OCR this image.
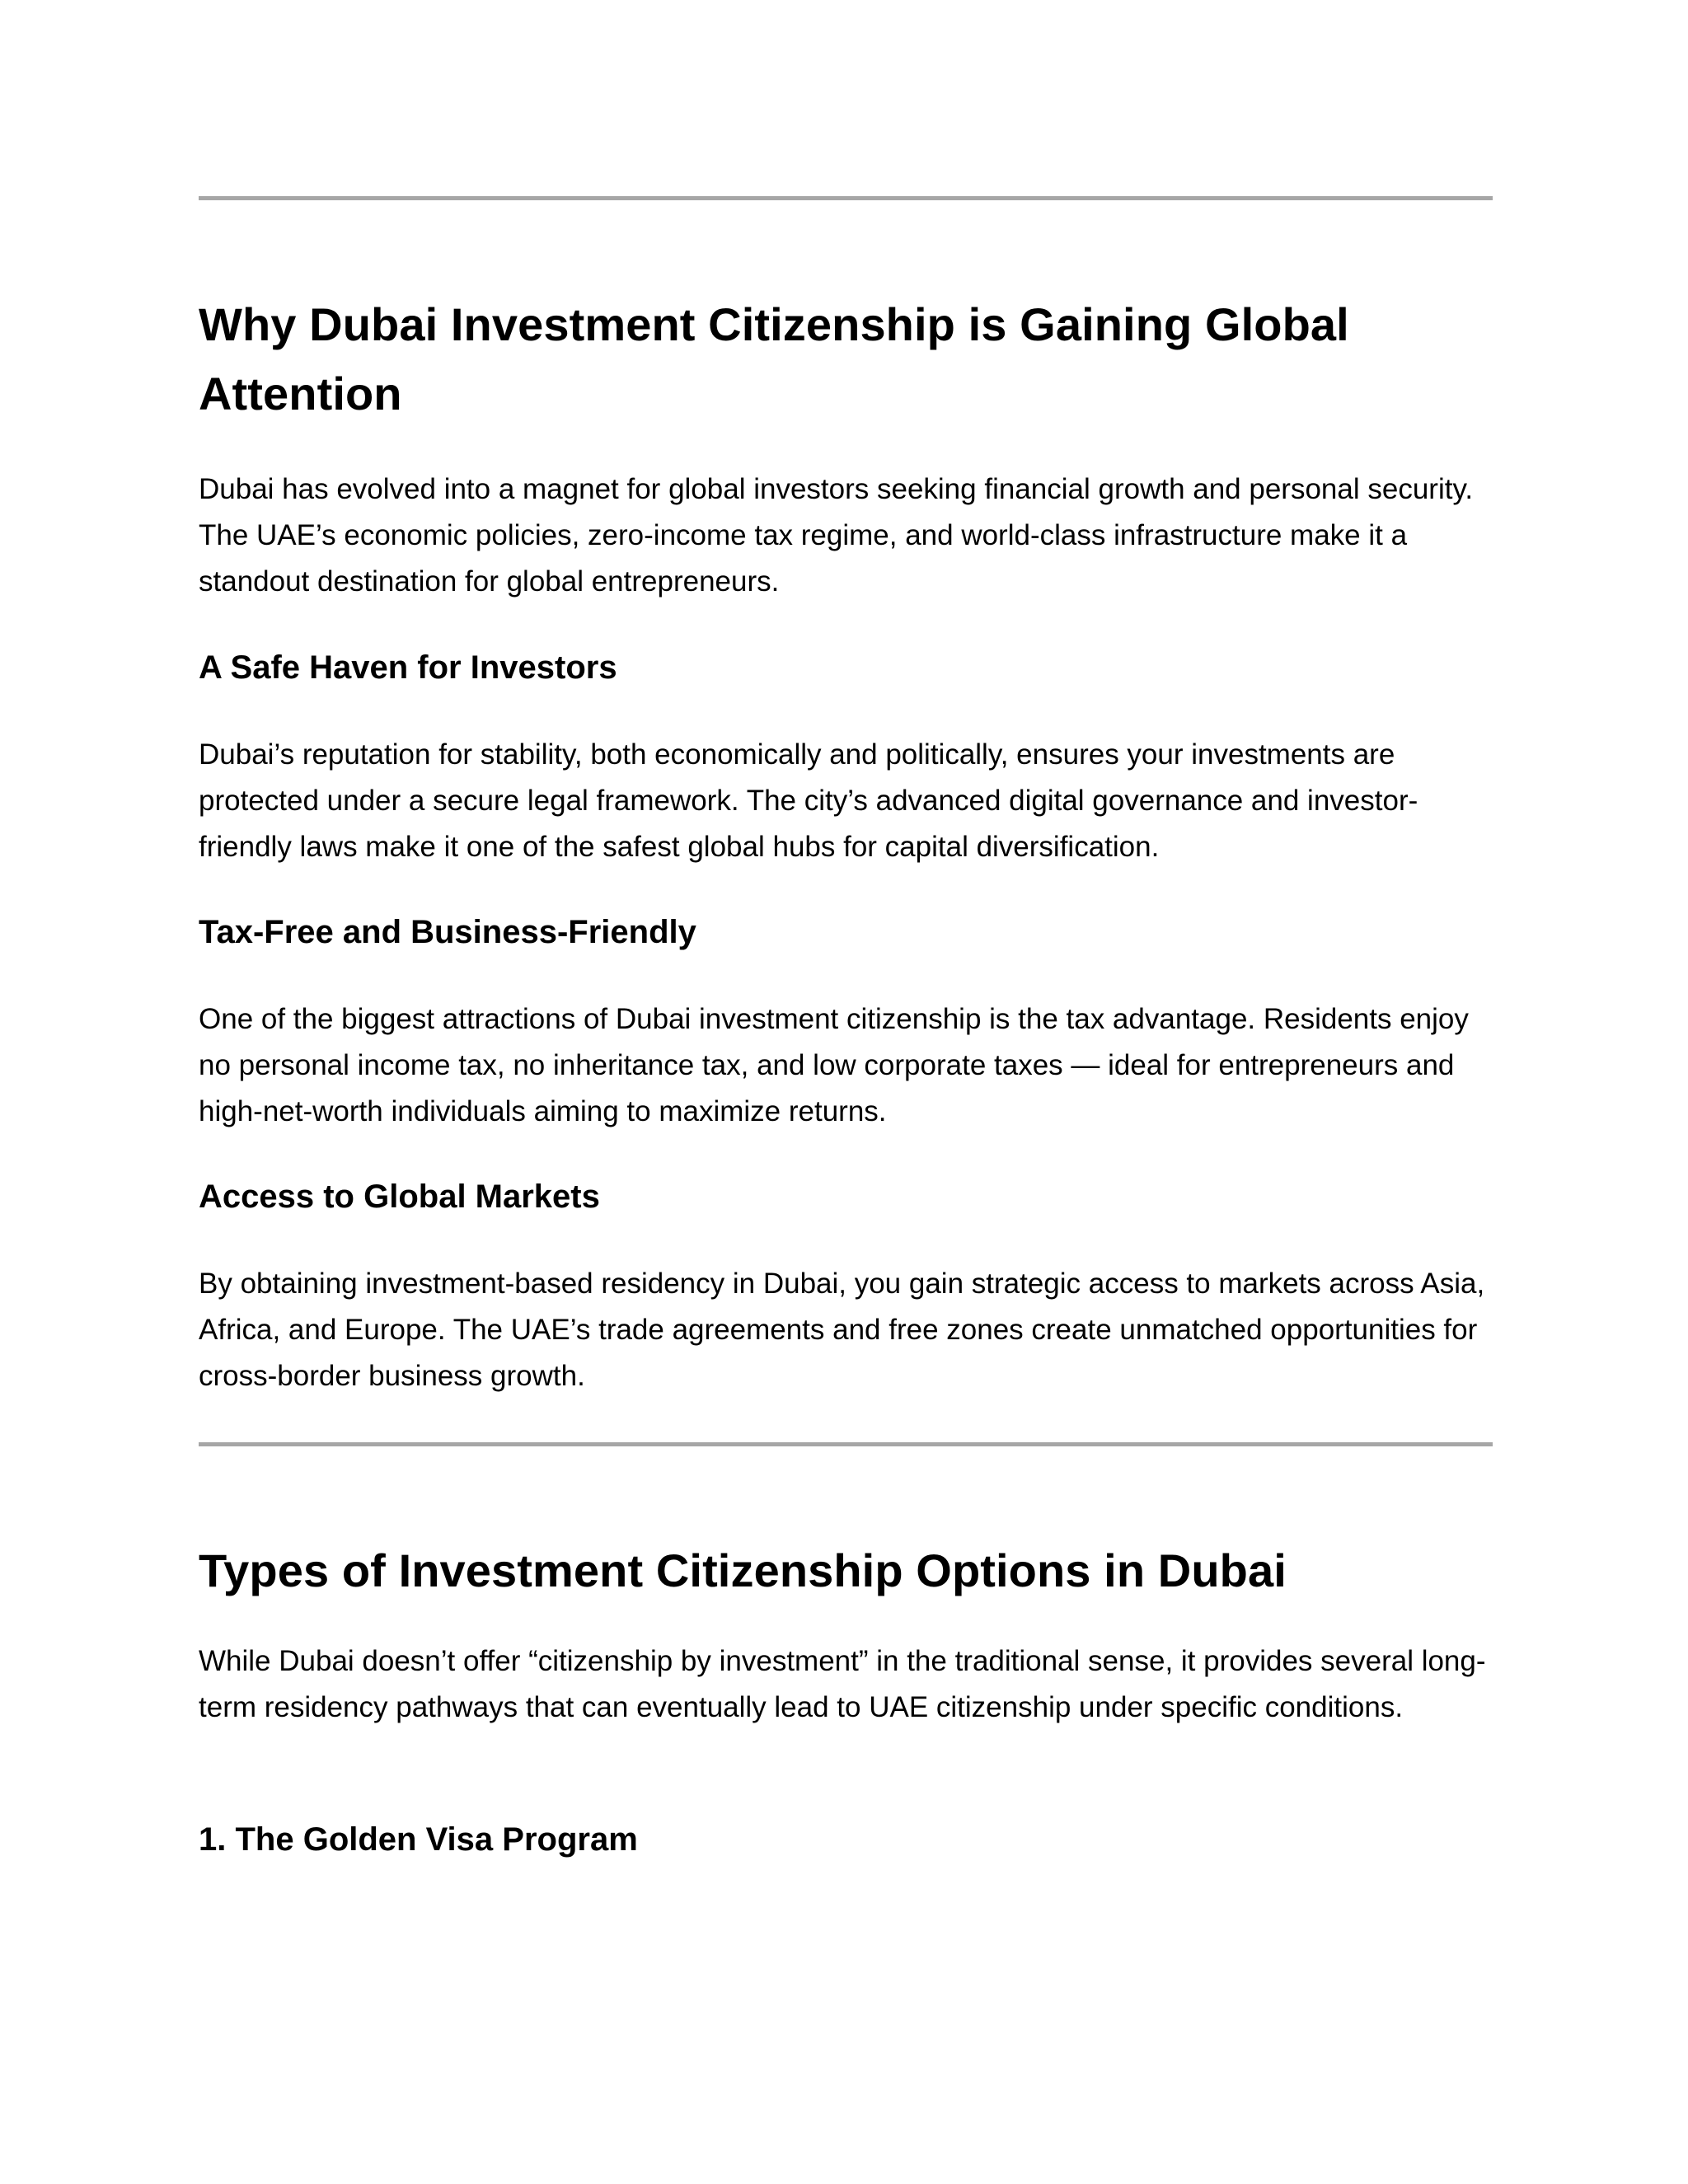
Why Dubai Investment Citizenship is Gaining Global Attention

Dubai has evolved into a magnet for global investors seeking financial growth and personal security. The UAE’s economic policies, zero-income tax regime, and world-class infrastructure make it a standout destination for global entrepreneurs.

A Safe Haven for Investors

Dubai’s reputation for stability, both economically and politically, ensures your investments are protected under a secure legal framework. The city’s advanced digital governance and investor-friendly laws make it one of the safest global hubs for capital diversification.

Tax-Free and Business-Friendly

One of the biggest attractions of Dubai investment citizenship is the tax advantage. Residents enjoy no personal income tax, no inheritance tax, and low corporate taxes — ideal for entrepreneurs and high-net-worth individuals aiming to maximize returns.

Access to Global Markets

By obtaining investment-based residency in Dubai, you gain strategic access to markets across Asia, Africa, and Europe. The UAE’s trade agreements and free zones create unmatched opportunities for cross-border business growth.

Types of Investment Citizenship Options in Dubai

While Dubai doesn’t offer “citizenship by investment” in the traditional sense, it provides several long-term residency pathways that can eventually lead to UAE citizenship under specific conditions.

1. The Golden Visa Program
